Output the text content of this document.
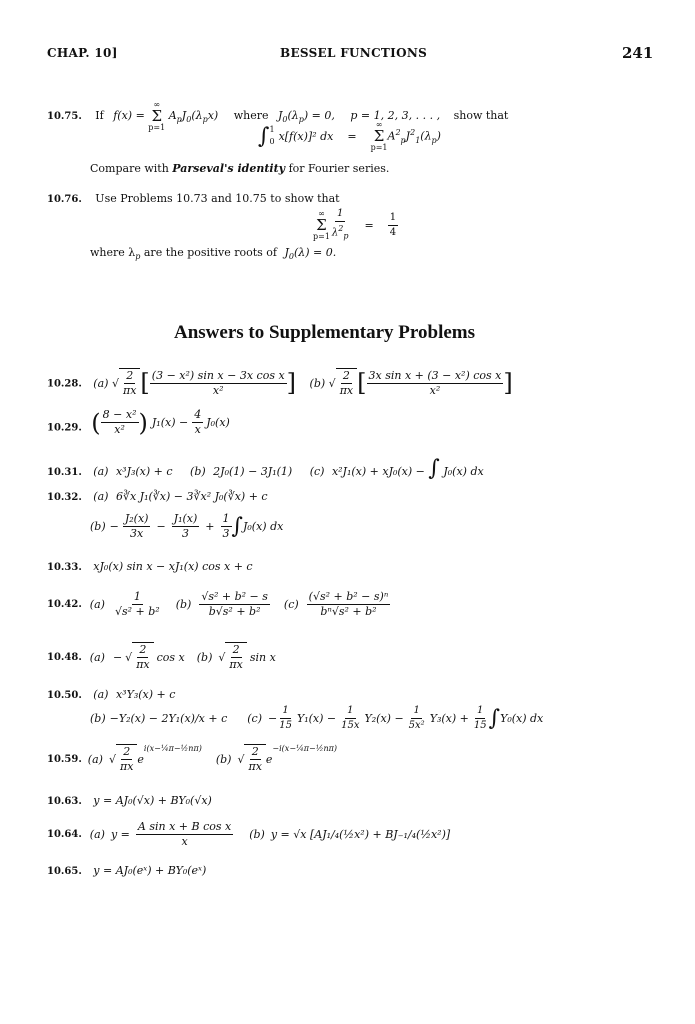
CHAP. 10]	BESSEL FUNCTIONS	241
10.75. If f(x) =
∞
Σ
p=1
$A_pJ_0(\lambda_px)$ where $J_0(\lambda_p) = 0$, p = 1, 2, 3, . . . , show that
∫ 1
0 x[f(x)]² dx =
∞
Σ
p=1
$A^2_pJ^2_1(\lambda_p)$
Compare with Parseval's identity for Fourier series.
10.76. Use Problems 10.73 and 10.75 to show that
∞
Σ
$p=1 \frac{1}{\lambda^2_p} = \frac{1}{4}$
where $\lambda_p$ are the positive roots of $J_0(\lambda) = 0$.
Answers to Supplementary Problems
10.28. (a) √ $\frac{2}{\pi x}$ [ $\frac{\text{(3 − x²) sin x − 3x cos x}}{\text{x²}}$ ] (b) √ $\frac{2}{\pi x}$ [ $\frac{\text{3x sin x + (3 − x²) cos x}}{\text{x²}}$ ]
10.29. ( $\frac{\text{8 − x²}}{\text{x²}}$ ) $J_1(x) - \frac{4}{x} J_0(x)$
10.31. (a) x³J₃(x) + c (b) 2J₀(1) − 3J₁(1) (c) x²J₁(x) + xJ₀(x) − ∫ J₀(x) dx
10.32. (a) 6∛x J₁(∛x) − 3∛x² J₀(∛x) + c
$(b) - \frac{\text{J₂(x)}}{3x} - \frac{\text{J₁(x)}}{3} + \frac{1}{3}$ ∫ J₀(x) dx
10.33. xJ₀(x) sin x − xJ₁(x) cos x + c
10.42. $(a) \frac{1}{\text{√s² + b²}} (b) \frac{\text{√s² + b² − s}}{\text{b√s² + b²}} (c) \frac{\text{(√s² + b² − s)ⁿ}}{\text{bⁿ√s² + b²}}$
10.48. (a) − √ $\frac{2}{\pi x}$ cos x (b) √ $\frac{2}{\pi x}$ sin x
10.50. (a) x³Y₃(x) + c
(b) −Y₂(x) − 2Y₁(x)/x + c $(c) - \frac{1}{15} Y_1(x) - \frac{1}{15x} Y_2(x) - \frac{1}{\text{5x²}} Y_3(x) + \frac{1}{15}$ ∫ Y₀(x) dx
10.59. (a) √ $\frac{2}{\pi x}$ e
$^{i(x-\frac{1}{4}\pi-\frac{1}{2}n\pi)}$
(b) √ $\frac{2}{\pi x}$ e
$^{-i(x-\frac{1}{4}\pi-\frac{1}{2}n\pi)}$
10.63. y = AJ₀(√x) + BY₀(√x)
10.64. (a) $y = \frac{\text{A sin x + B cos x}}{x} (b) y = √x$ [AJ₁/₄(½x²) + BJ₋₁/₄(½x²)]
10.65. y = AJ₀(eˣ) + BY₀(eˣ)
